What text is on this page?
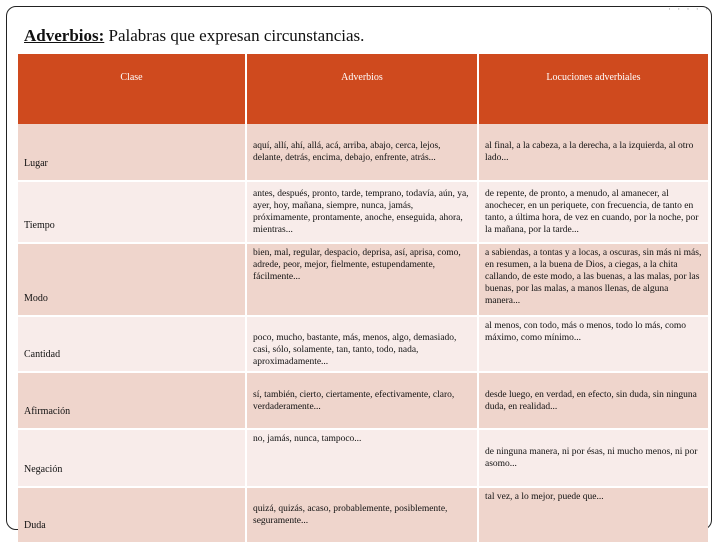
· · · · ·
Adverbios: Palabras que expresan circunstancias.
Clase	Adverbios	Locuciones adverbiales
Lugar	aquí, allí, ahí, allá, acá, arriba, abajo, cerca, lejos, delante, detrás, encima, debajo, enfrente, atrás...	al final, a la cabeza, a la derecha, a la izquierda, al otro lado...
Tiempo	antes, después, pronto, tarde, temprano, todavía, aún, ya, ayer, hoy, mañana, siempre, nunca, jamás, próximamente, prontamente, anoche, enseguida, ahora, mientras...	de repente, de pronto, a menudo, al amanecer, al anochecer, en un periquete, con frecuencia, de tanto en tanto, a última hora, de vez en cuando, por la noche, por la mañana, por la tarde...
Modo	bien, mal, regular, despacio, deprisa, así, aprisa, como, adrede, peor, mejor, fielmente, estupendamente, fácilmente...	a sabiendas, a tontas y a locas, a oscuras, sin más ni más, en resumen, a la buena de Dios, a ciegas, a la chita callando, de este modo, a las buenas, a las malas, por las buenas, por las malas, a manos llenas, de alguna manera...
Cantidad	poco, mucho, bastante, más, menos, algo, demasiado, casi, sólo, solamente, tan, tanto, todo, nada, aproximadamente...	al menos, con todo, más o menos, todo lo más, como máximo, como mínimo...
Afirmación	sí, también, cierto, ciertamente, efectivamente, claro, verdaderamente...	desde luego, en verdad, en efecto, sin duda, sin ninguna duda, en realidad...
Negación	no, jamás, nunca, tampoco...	de ninguna manera, ni por ésas, ni mucho menos, ni por asomo...
Duda	quizá, quizás, acaso, probablemente, posiblemente, seguramente...	tal vez, a lo mejor, puede que...
